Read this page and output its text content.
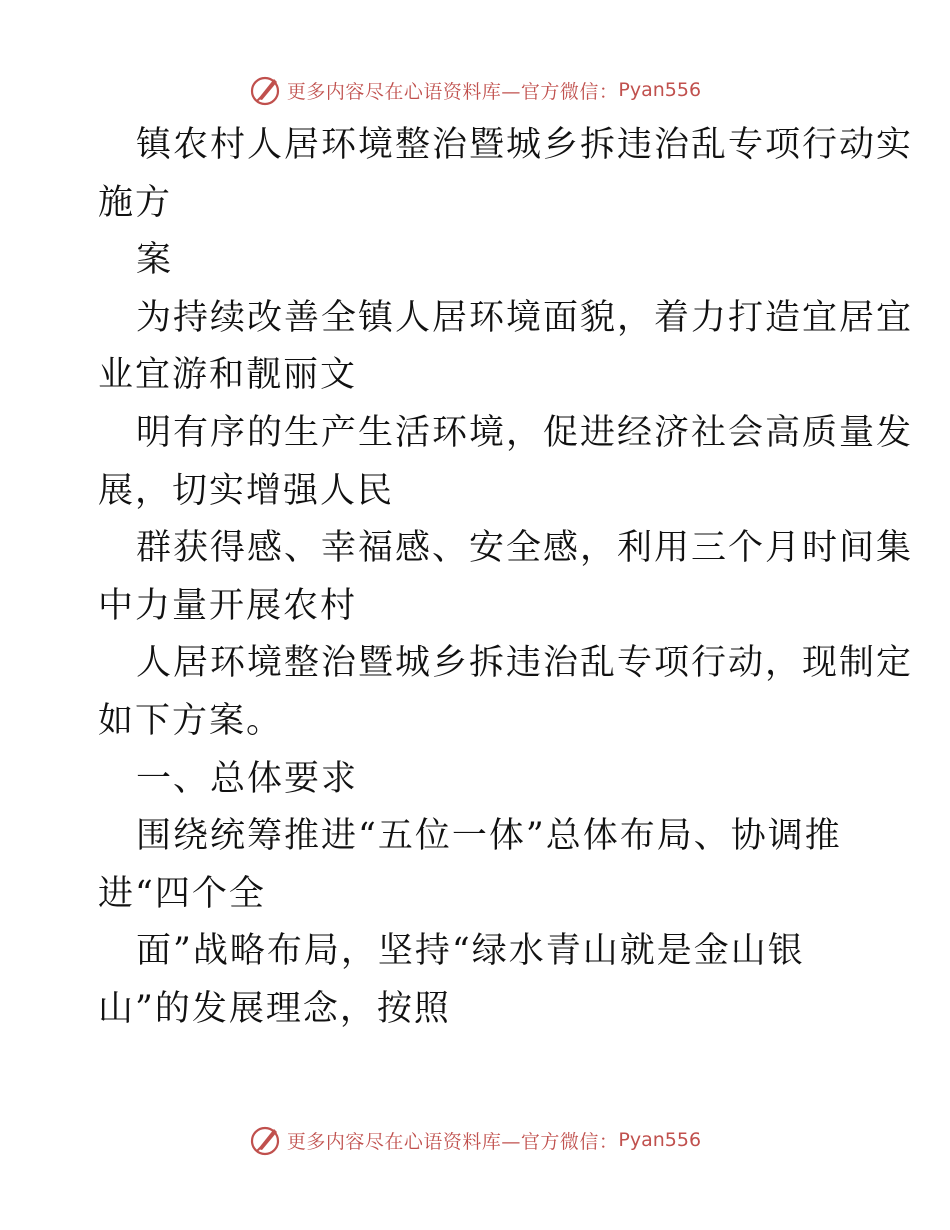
更多内容尽在心语资料库—官方微信： Pyan556
镇农村人居环境整治暨城乡拆违治乱专项行动实
施方
案
为持续改善全镇人居环境面貌，着力打造宜居宜
业宜游和靓丽文
明有序的生产生活环境，促进经济社会高质量发
展，切实增强人民
群获得感、幸福感、安全感，利用三个月时间集
中力量开展农村
人居环境整治暨城乡拆违治乱专项行动，现制定
如下方案。
一、总体要求
围绕统筹推进“五位一体”总体布局、协调推
进“四个全
面”战略布局，坚持“绿水青山就是金山银
山”的发展理念，按照
更多内容尽在心语资料库—官方微信： Pyan556
